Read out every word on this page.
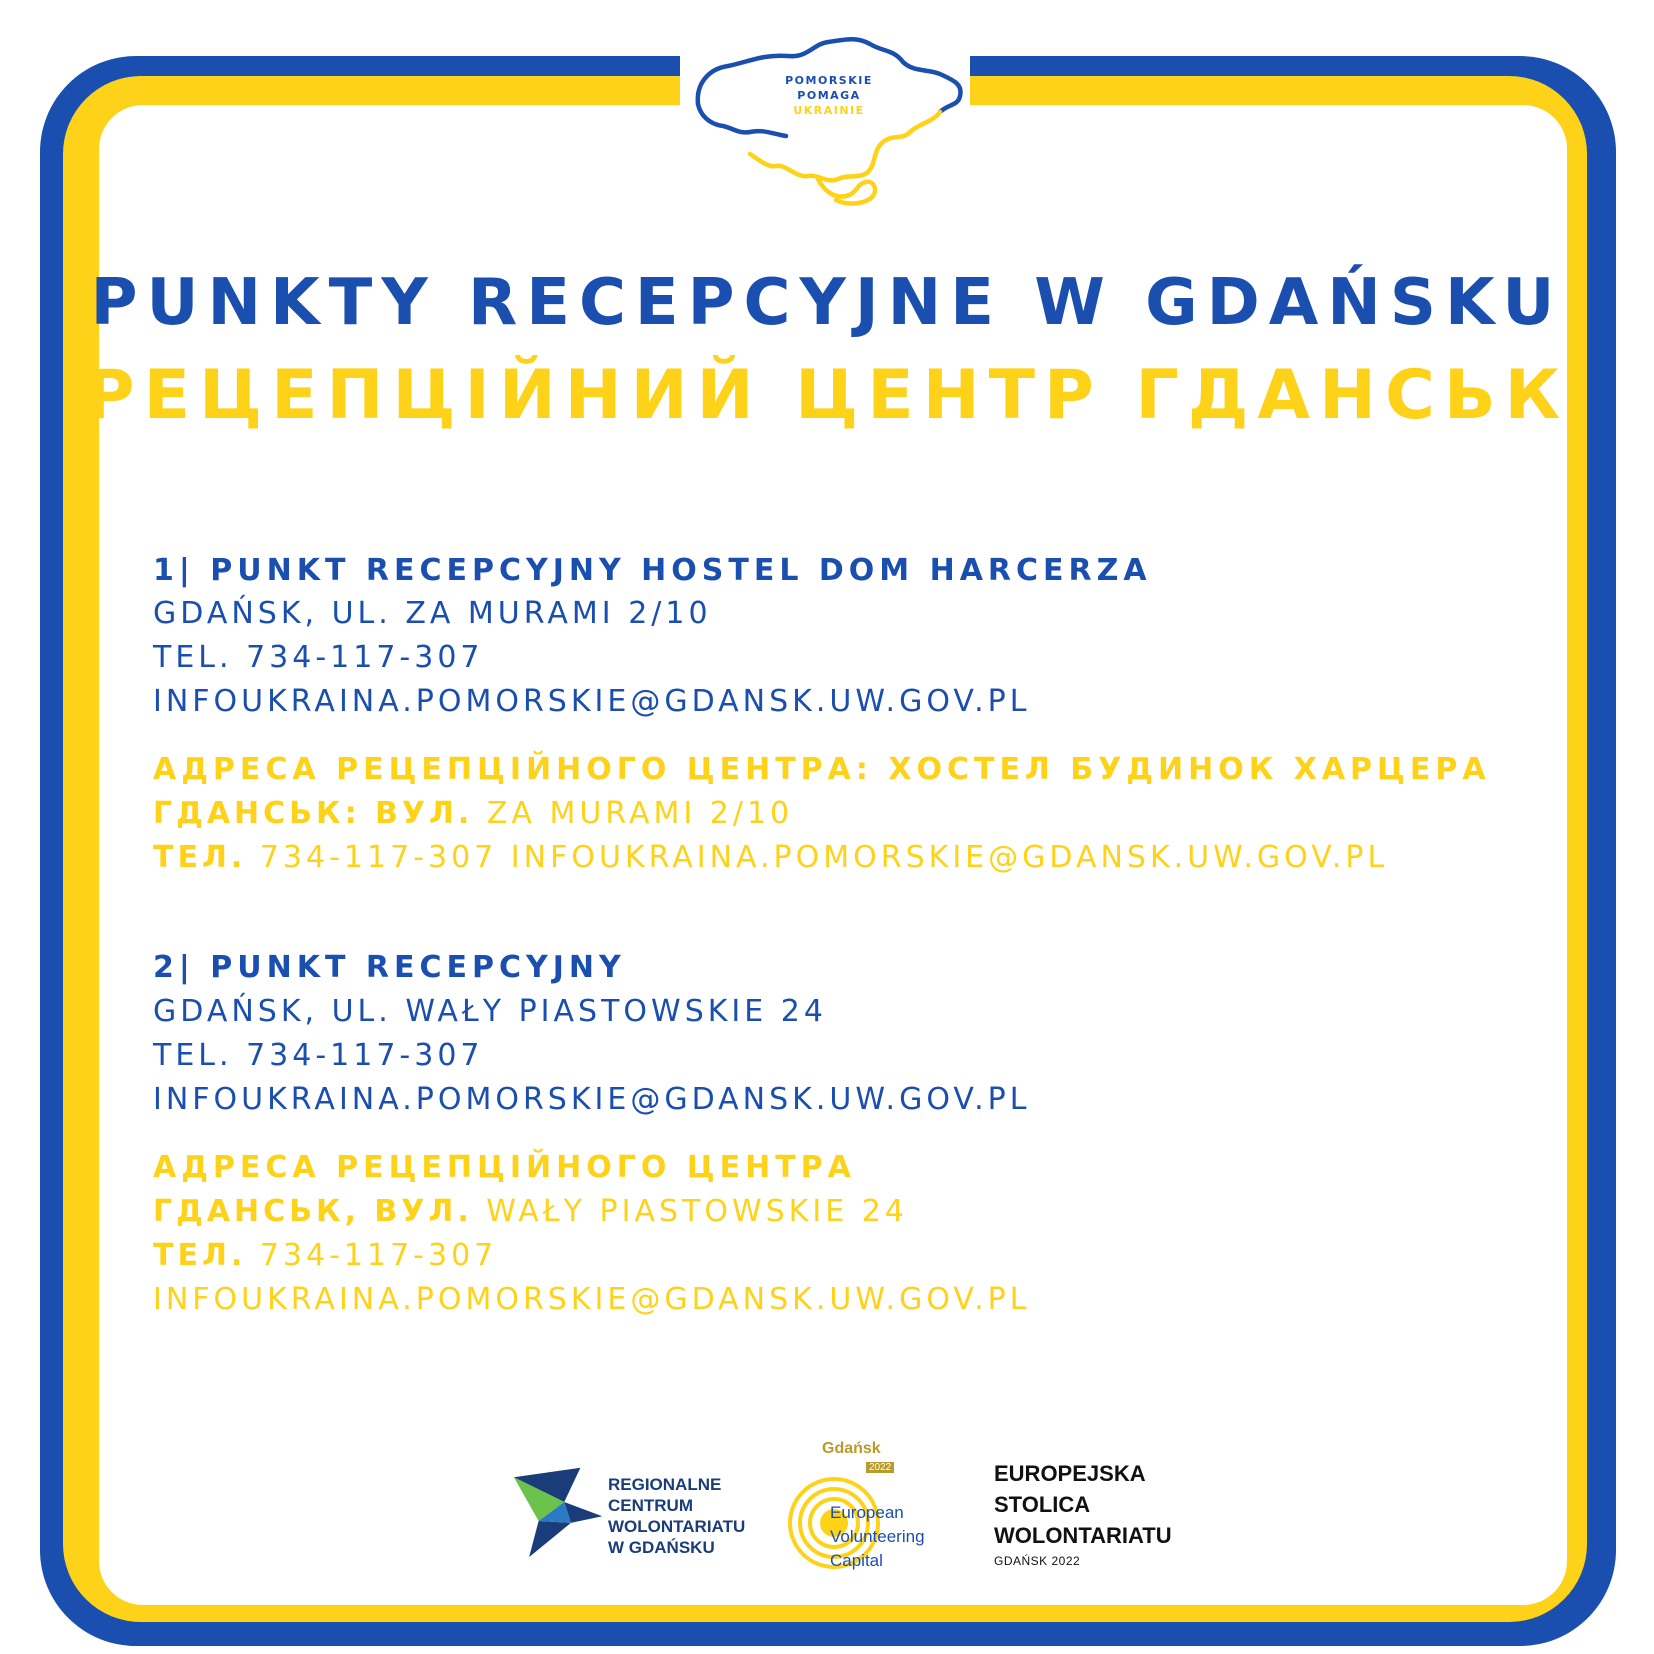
POMORSKIE
POMAGA
UKRAINIE
PUNKTY RECEPCYJNE W GDAŃSKU
РЕЦЕПЦІЙНИЙ ЦЕНТР ГДАНСЬК
1| PUNKT RECEPCYJNY HOSTEL DOM HARCERZA
GDAŃSK, UL. ZA MURAMI 2/10
TEL. 734-117-307
INFOUKRAINA.POMORSKIE@GDANSK.UW.GOV.PL
АДРЕСА РЕЦЕПЦІЙНОГО ЦЕНТРА: ХОСТЕЛ БУДИНОК ХАРЦЕРА
ГДАНСЬК: ВУЛ. ZA MURAMI 2/10
ТЕЛ. 734-117-307 INFOUKRAINA.POMORSKIE@GDANSK.UW.GOV.PL
2| PUNKT RECEPCYJNY
GDAŃSK, UL. WAŁY PIASTOWSKIE 24
TEL. 734-117-307
INFOUKRAINA.POMORSKIE@GDANSK.UW.GOV.PL
АДРЕСА РЕЦЕПЦІЙНОГО ЦЕНТРА
ГДАНСЬК, ВУЛ. WAŁY PIASTOWSKIE 24
ТЕЛ. 734-117-307
INFOUKRAINA.POMORSKIE@GDANSK.UW.GOV.PL
REGIONALNE
CENTRUM
WOLONTARIATU
W GDAŃSKU
Gdańsk
2022
European
Volunteering
Capital
EUROPEJSKA
STOLICA
WOLONTARIATU
GDAŃSK 2022
